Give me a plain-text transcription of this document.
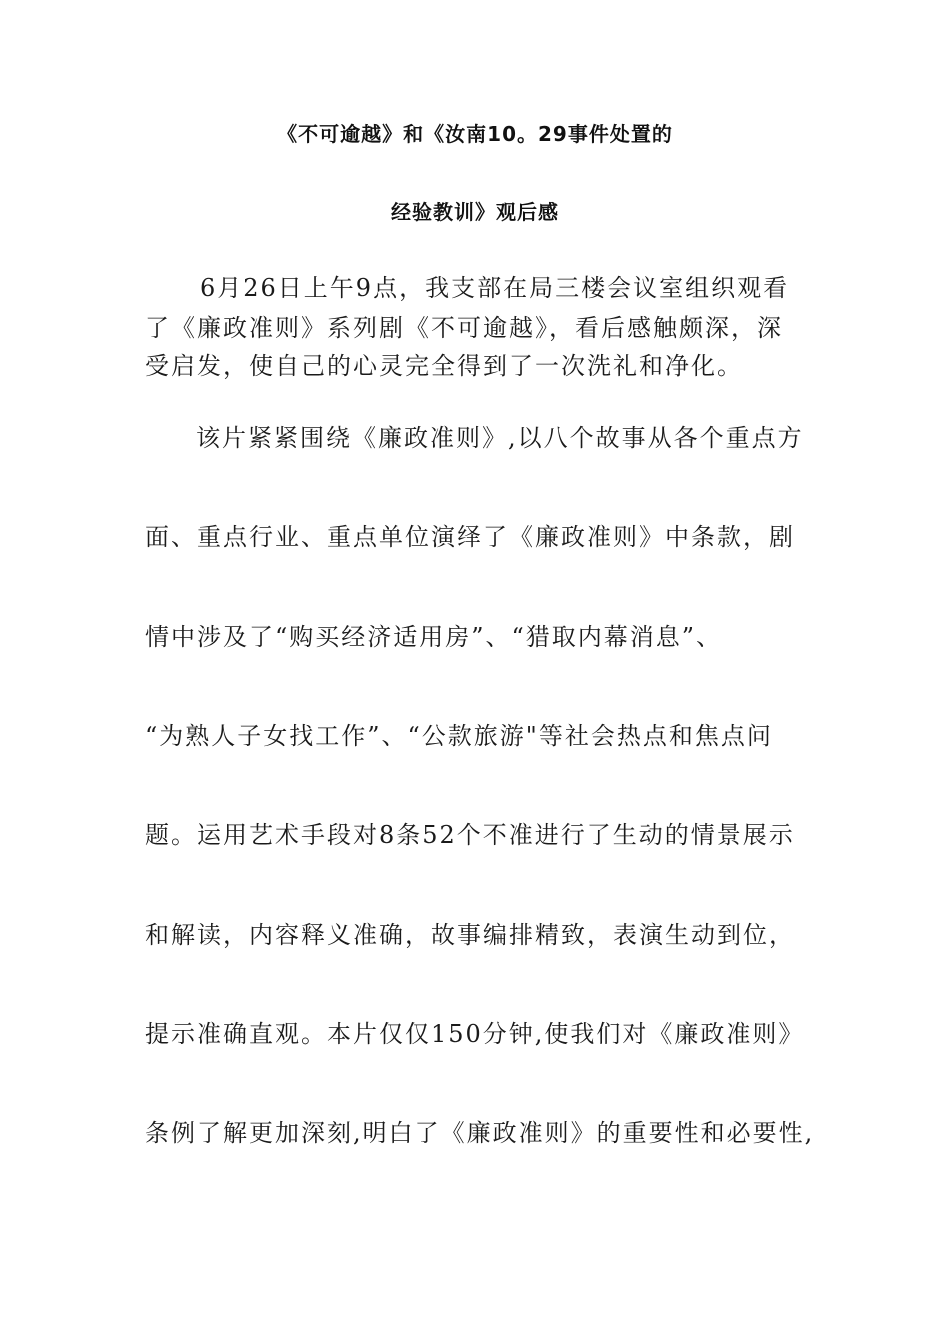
《不可逾越》和《汝南10。29事件处置的
经验教训》观后感
6月26日上午9点，我支部在局三楼会议室组织观看
了《廉政准则》系列剧《不可逾越》，看后感触颇深，深
受启发，使自己的心灵完全得到了一次洗礼和净化。
该片紧紧围绕《廉政准则》,以八个故事从各个重点方
面、重点行业、重点单位演绎了《廉政准则》中条款，剧
情中涉及了“购买经济适用房”、“猎取内幕消息”、
“为熟人子女找工作”、“公款旅游"等社会热点和焦点问
题。运用艺术手段对8条52个不准进行了生动的情景展示
和解读，内容释义准确，故事编排精致，表演生动到位，
提示准确直观。本片仅仅150分钟,使我们对《廉政准则》
条例了解更加深刻,明白了《廉政准则》的重要性和必要性,
